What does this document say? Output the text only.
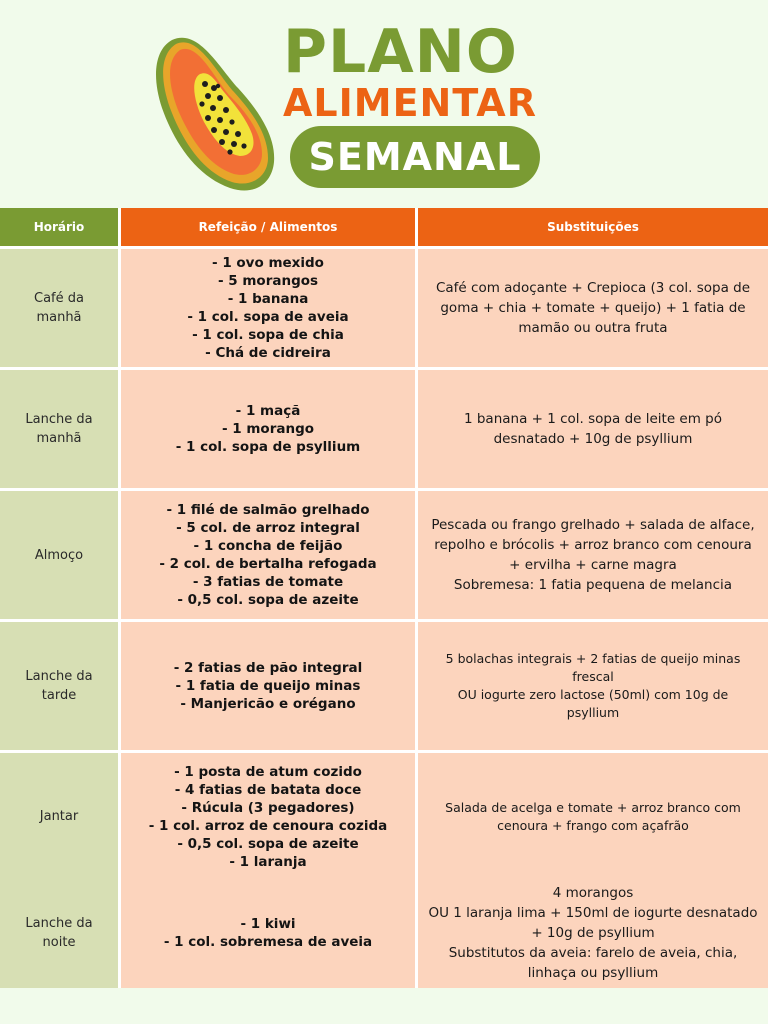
PLANO
ALIMENTAR
SEMANAL
Horário	Refeição / Alimentos	Substituições
Café da
manhã
- 1 ovo mexido
- 5 morangos
- 1 banana
- 1 col. sopa de aveia
- 1 col. sopa de chia
- Chá de cidreira
Café com adoçante + Crepioca (3 col. sopa de
goma + chia + tomate + queijo) + 1 fatia de
mamão ou outra fruta
Lanche da
manhã
- 1 maçã
- 1 morango
- 1 col. sopa de psyllium
1 banana + 1 col. sopa de leite em pó
desnatado + 10g de psyllium
Almoço
- 1 filé de salmão grelhado
- 5 col. de arroz integral
- 1 concha de feijão
- 2 col. de bertalha refogada
- 3 fatias de tomate
- 0,5 col. sopa de azeite
Pescada ou frango grelhado + salada de alface,
repolho e brócolis + arroz branco com cenoura
+ ervilha + carne magra
Sobremesa: 1 fatia pequena de melancia
Lanche da
tarde
- 2 fatias de pão integral
- 1 fatia de queijo minas
- Manjericão e orégano
5 bolachas integrais + 2 fatias de queijo minas
frescal
OU iogurte zero lactose (50ml) com 10g de
psyllium
Jantar
- 1 posta de atum cozido
- 4 fatias de batata doce
- Rúcula (3 pegadores)
- 1 col. arroz de cenoura cozida
- 0,5 col. sopa de azeite
- 1 laranja
Salada de acelga e tomate + arroz branco com
cenoura + frango com açafrão
Lanche da
noite
- 1 kiwi
- 1 col. sobremesa de aveia
4 morangos
OU 1 laranja lima + 150ml de iogurte desnatado
+ 10g de psyllium
Substitutos da aveia: farelo de aveia, chia,
linhaça ou psyllium
